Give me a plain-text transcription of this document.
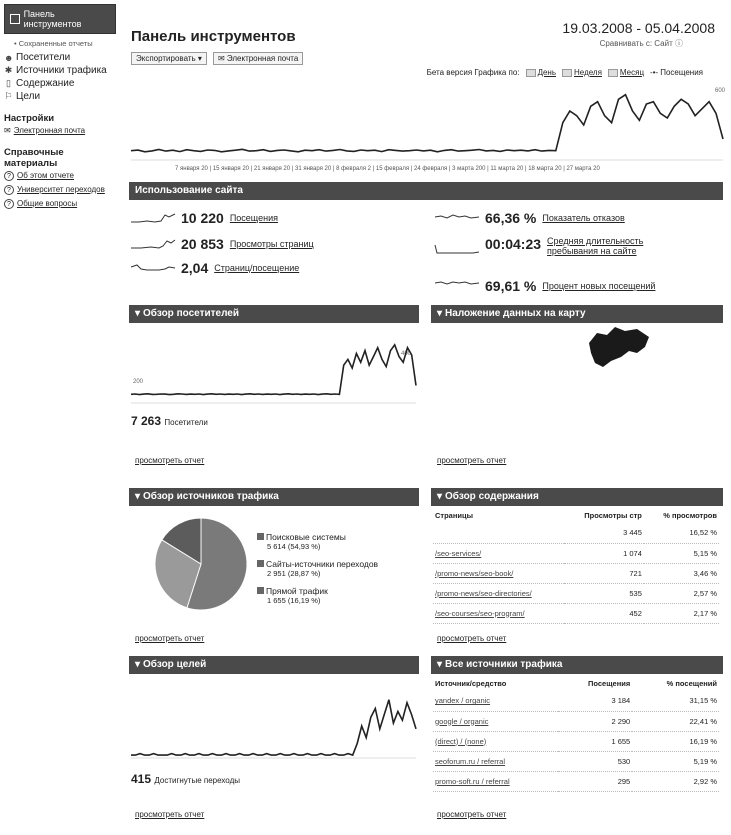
Панель инструментов
• Сохраненные отчеты
☻ Посетители
✱ Источники трафика
▯ Содержание
⚐ Цели
Настройки
✉ Электронная почта
Справочные материалы
? Об этом отчете
? Университет переходов
? Общие вопросы
Панель инструментов	19.03.2008 - 05.04.2008
Сравнивать с: Сайт ⓘ
Экспортировать ▾	✉ Электронная почта
Бета версия Графика по: День Неделя Месяц -•- Посещения
600
7 января 20 | 15 января 20 | 21 января 20 | 31 января 20 | 8 февраля 2 | 15 февраля | 24 февраля | 3 марта 200 | 11 марта 20 | 18 марта 20 | 27 марта 20
Использование сайта
10 220 Посещения
20 853 Просмотры страниц
2,04 Страниц/посещение
66,36 % Показатель отказов
00:04:23 Средняя длительность пребывания на сайте
69,61 % Процент новых посещений
▾ Обзор посетителей
400
200
7 263 Посетители
просмотреть отчет
▾ Наложение данных на карту
просмотреть отчет
▾ Обзор источников трафика
Поисковые системы
5 614 (54,93 %)
Сайты-источники переходов
2 951 (28,87 %)
Прямой трафик
1 655 (16,19 %)
просмотреть отчет
▾ Обзор содержания
Страницы	Просмотры стр	% просмотров
	3 445	16,52 %
/seo-services/	1 074	5,15 %
/promo-news/seo-book/	721	3,46 %
/promo-news/seo-directories/	535	2,57 %
/seo-courses/seo-program/	452	2,17 %
просмотреть отчет
▾ Обзор целей
415 Достигнутые переходы
просмотреть отчет
▾ Все источники трафика
Источник/средство	Посещения	% посещений
yandex / organic	3 184	31,15 %
google / organic	2 290	22,41 %
(direct) / (none)	1 655	16,19 %
seoforum.ru / referral	530	5,19 %
promo-soft.ru / referral	295	2,92 %
просмотреть отчет
